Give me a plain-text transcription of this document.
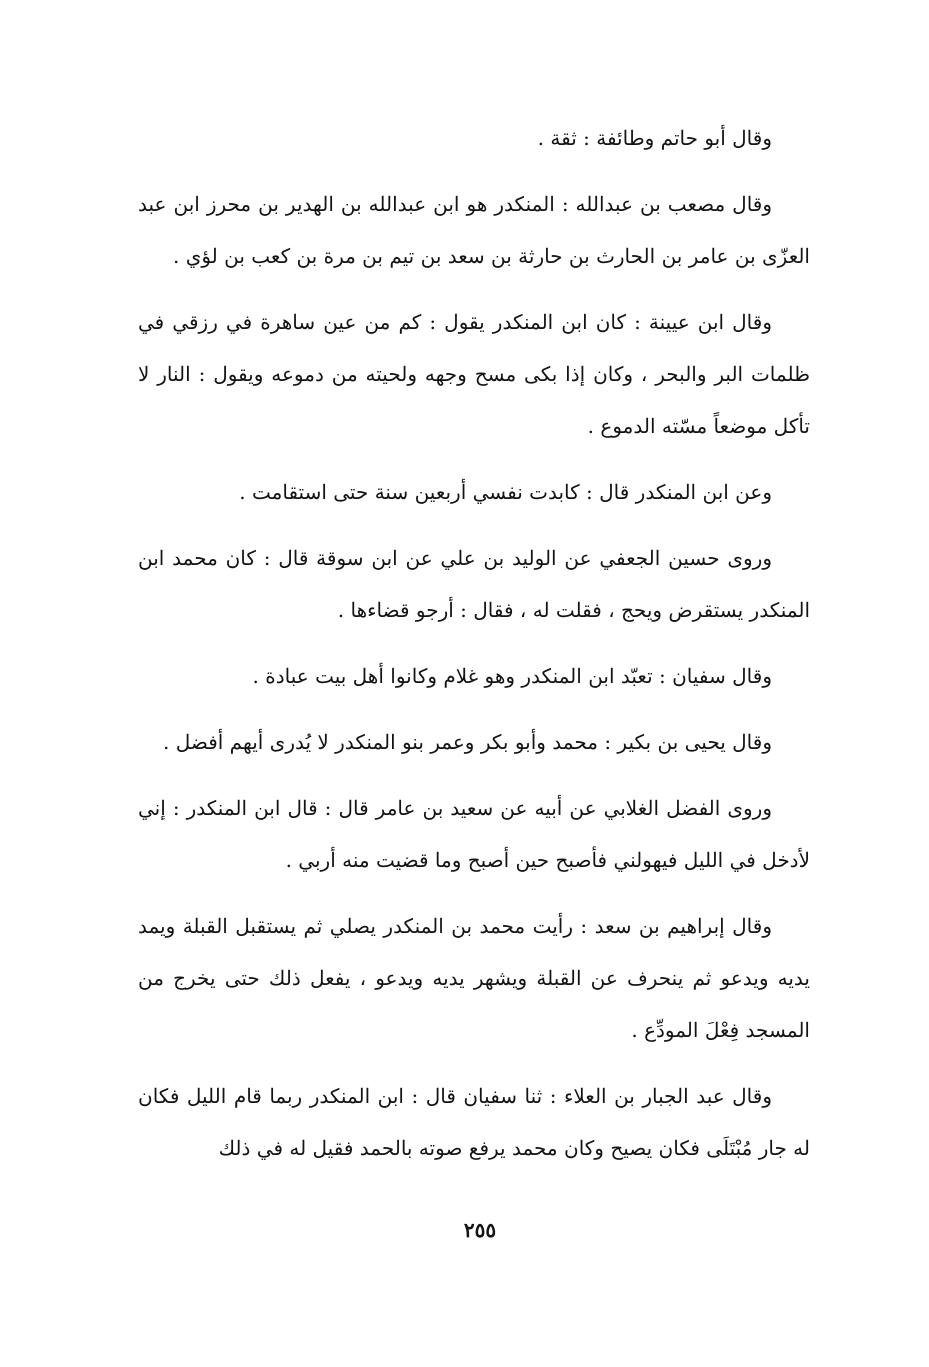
وقال أبو حاتم وطائفة : ثقة .

وقال مصعب بن عبدالله : المنكدر هو ابن عبدالله بن الهدير بن محرز ابن عبد العزّى بن عامر بن الحارث بن حارثة بن سعد بن تيم بن مرة بن كعب بن لؤي .

وقال ابن عيينة : كان ابن المنكدر يقول : كم من عين ساهرة في رزقي في ظلمات البر والبحر ، وكان إذا بكى مسح وجهه ولحيته من دموعه ويقول : النار لا تأكل موضعاً مسّته الدموع .

وعن ابن المنكدر قال : كابدت نفسي أربعين سنة حتى استقامت .

وروى حسين الجعفي عن الوليد بن علي عن ابن سوقة قال : كان محمد ابن المنكدر يستقرض ويحج ، فقلت له ، فقال : أرجو قضاءها .

وقال سفيان : تعبّد ابن المنكدر وهو غلام وكانوا أهل بيت عبادة .

وقال يحيى بن بكير : محمد وأبو بكر وعمر بنو المنكدر لا يُدرى أيهم أفضل .

وروى الفضل الغلابي عن أبيه عن سعيد بن عامر قال : قال ابن المنكدر : إني لأدخل في الليل فيهولني فأصبح حين أصبح وما قضيت منه أربي .

وقال إبراهيم بن سعد : رأيت محمد بن المنكدر يصلي ثم يستقبل القبلة ويمد يديه ويدعو ثم ينحرف عن القبلة ويشهر يديه ويدعو ، يفعل ذلك حتى يخرج من المسجد فِعْلَ المودِّع .

وقال عبد الجبار بن العلاء : ثنا سفيان قال : ابن المنكدر ربما قام الليل فكان له جار مُبْتَلَى فكان يصيح وكان محمد يرفع صوته بالحمد فقيل له في ذلك

٢٥٥
